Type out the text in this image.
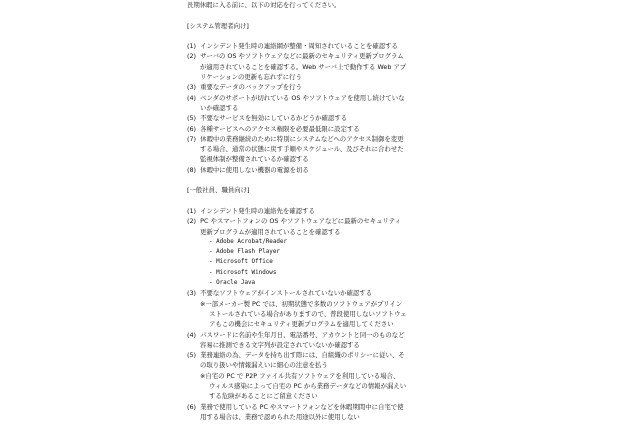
長期休暇に入る前に、以下の対応を行ってください。
[システム管理者向け]
(1)  インシデント発生時の連絡網が整備・周知されていることを確認する
(2)  サーバの OS やソフトウェアなどに最新のセキュリティ更新プログラム
が適用されていることを確認する。Web サーバ上で動作する Web アプ
リケーションの更新も忘れずに行う
(3)  重要なデータのバックアップを行う
(4)  ベンダのサポートが切れている OS やソフトウェアを使用し続けていな
いか確認する
(5)  不要なサービスを無効にしているかどうか確認する
(6)  各種サービスへのアクセス権限を必要最低限に設定する
(7)  休暇中の業務継続のために特別にシステムなどへのアクセス制御を変更
する場合、通常の状態に戻す手順やスケジュール、及びそれに合わせた
監視体制が整備されているか確認する
(8)  休暇中に使用しない機器の電源を切る
[一般社員、職員向け]
(1)  インシデント発生時の連絡先を確認する
(2)  PC やスマートフォンの OS やソフトウェアなどに最新のセキュリティ
更新プログラムが適用されていることを確認する
- Adobe Acrobat/Reader
- Adobe Flash Player
- Microsoft Office
- Microsoft Windows
- Oracle Java
(3)  不要なソフトウェアがインストールされていないか確認する
※一部メーカー製 PC では、初期状態で多数のソフトウェアがプリイン
ストールされている場合がありますので、普段使用しないソフトウェ
アもこの機会にセキュリティ更新プログラムを適用してください
(4)  パスワードに名前や生年月日、電話番号、アカウントと同一のものなど
容易に推測できる文字列が設定されていないか確認する
(5)  業務連絡の為、データを持ち出す際には、自組織のポリシーに従い、そ
の取り扱いや情報漏えいに細心の注意を払う
※自宅の PC で P2P ファイル共有ソフトウェアを利用している場合、
ウィルス感染によって自宅の PC から業務データなどの情報が漏えい
する危険があることにご留意ください
(6)  業務で使用している PC やスマートフォンなどを休暇期間中に自宅で使
用する場合は、業務で認められた用途以外に使用しない
